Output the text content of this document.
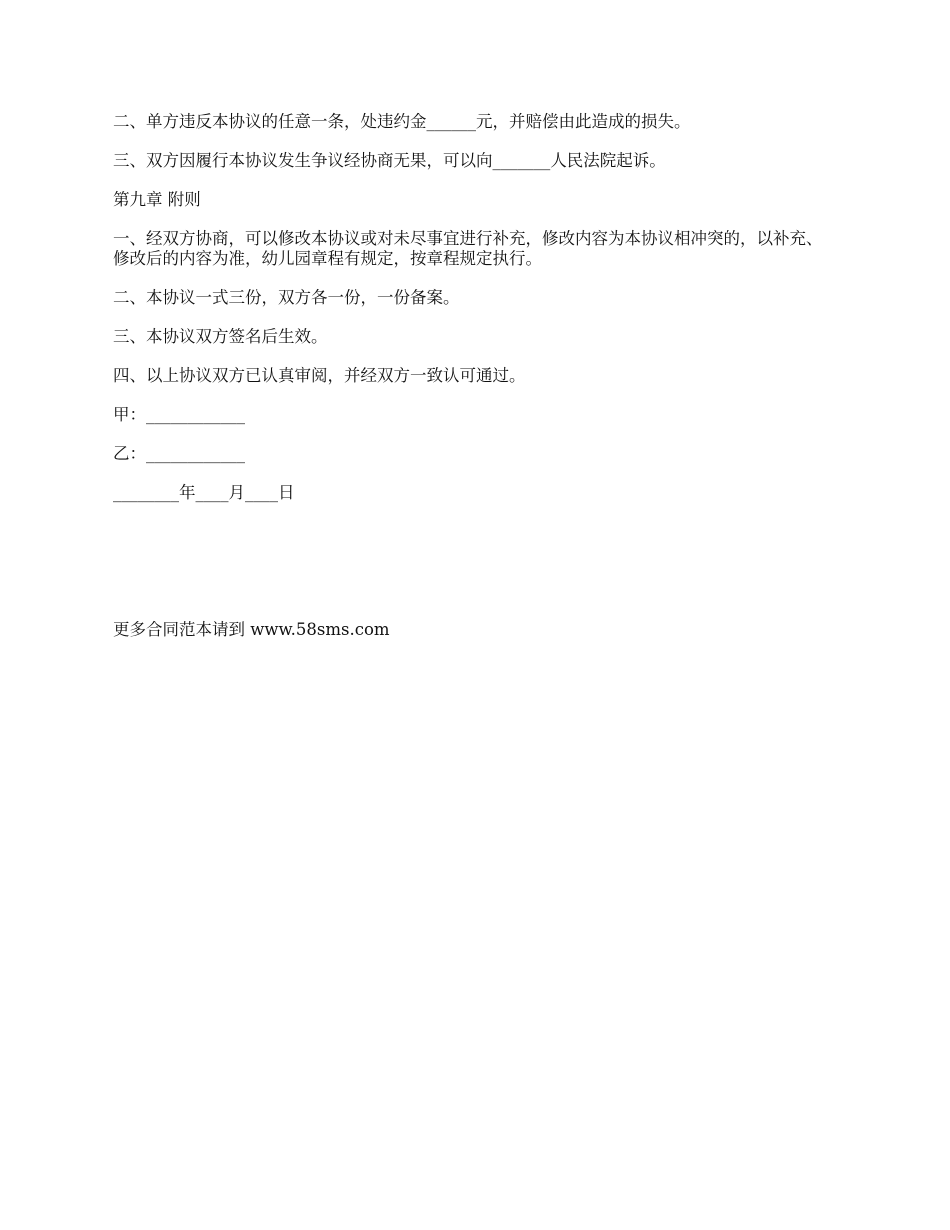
二、单方违反本协议的任意一条，处违约金______元，并赔偿由此造成的损失。

三、双方因履行本协议发生争议经协商无果，可以向_______人民法院起诉。

第九章 附则

一、经双方协商，可以修改本协议或对未尽事宜进行补充，修改内容为本协议相冲突的，以补充、修改后的内容为准，幼儿园章程有规定，按章程规定执行。

二、本协议一式三份，双方各一份，一份备案。

三、本协议双方签名后生效。

四、以上协议双方已认真审阅，并经双方一致认可通过。

甲：____________

乙：____________

________年____月____日

更多合同范本请到 www.58sms.com
